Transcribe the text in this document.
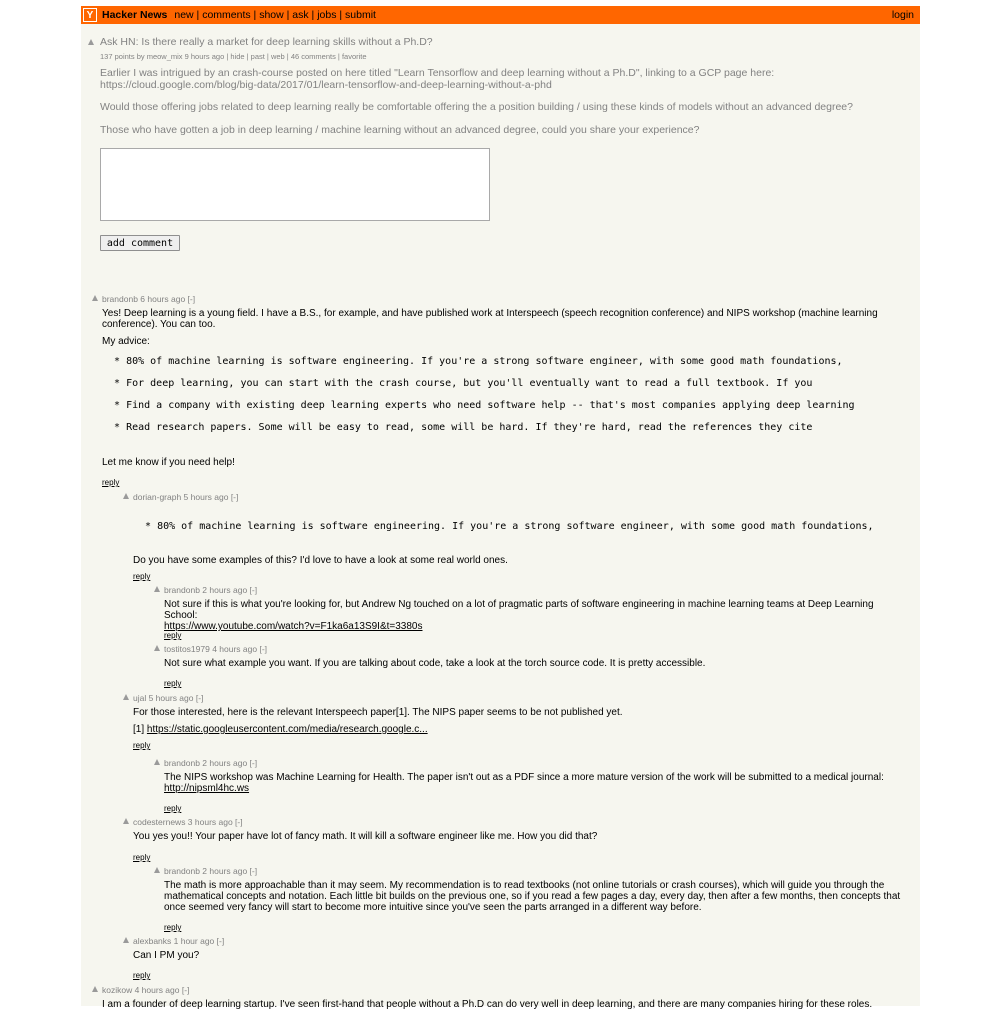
Y Hacker News new | comments | show | ask | jobs | submit	login
Ask HN: Is there really a market for deep learning skills without a Ph.D?
137 points by meow_mix 9 hours ago | hide | past | web | 46 comments | favorite
Earlier I was intrigued by an crash-course posted on here titled "Learn Tensorflow and deep learning without a Ph.D", linking to a GCP page here: https://cloud.google.com/blog/big-data/2017/01/learn-tensorflow-and-deep-learning-without-a-phd
Would those offering jobs related to deep learning really be comfortable offering the a position building / using these kinds of models without an advanced degree?
Those who have gotten a job in deep learning / machine learning without an advanced degree, could you share your experience?
add comment
brandonb 6 hours ago [-]

Yes! Deep learning is a young field. I have a B.S., for example, and have published work at Interspeech (speech recognition conference) and NIPS workshop (machine learning conference). You can too.

My advice:

* 80% of machine learning is software engineering. If you're a strong software engineer, with some good math foundations,
* For deep learning, you can start with the crash course, but you'll eventually want to read a full textbook. If you
* Find a company with existing deep learning experts who need software help -- that's most companies applying deep learning
* Read research papers. Some will be easy to read, some will be hard. If they're hard, read the references they cite

Let me know if you need help!

reply
dorian-graph 5 hours ago [-]
* 80% of machine learning is software engineering. If you're a strong software engineer, with some good math foundations,

Do you have some examples of this? I'd love to have a look at some real world ones.

reply
brandonb 2 hours ago [-]

Not sure if this is what you're looking for, but Andrew Ng touched on a lot of pragmatic parts of software engineering in machine learning teams at Deep Learning School:

https://www.youtube.com/watch?v=F1ka6a13S9I&t=3380s

reply
tostitos1979 4 hours ago [-]

Not sure what example you want. If you are talking about code, take a look at the torch source code. It is pretty accessible.

reply
ujal 5 hours ago [-]

For those interested, here is the relevant Interspeech paper[1]. The NIPS paper seems to be not published yet.

[1] https://static.googleusercontent.com/media/research.google.c...

reply
brandonb 2 hours ago [-]

The NIPS workshop was Machine Learning for Health. The paper isn't out as a PDF since a more mature version of the work will be submitted to a medical journal:

http://nipsml4hc.ws

reply
codesternews 3 hours ago [-]

You yes you!! Your paper have lot of fancy math. It will kill a software engineer like me. How you did that?

reply
brandonb 2 hours ago [-]

The math is more approachable than it may seem. My recommendation is to read textbooks (not online tutorials or crash courses), which will guide you through the mathematical concepts and notation. Each little bit builds on the previous one, so if you read a few pages a day, every day, then after a few months, then concepts that once seemed very fancy will start to become more intuitive since you've seen the parts arranged in a different way before.

reply
alexbanks 1 hour ago [-]

Can I PM you?

reply
kozikow 4 hours ago [-]

I am a founder of deep learning startup. I've seen first-hand that people without a Ph.D can do very well in deep learning, and there are many companies hiring for these roles.
